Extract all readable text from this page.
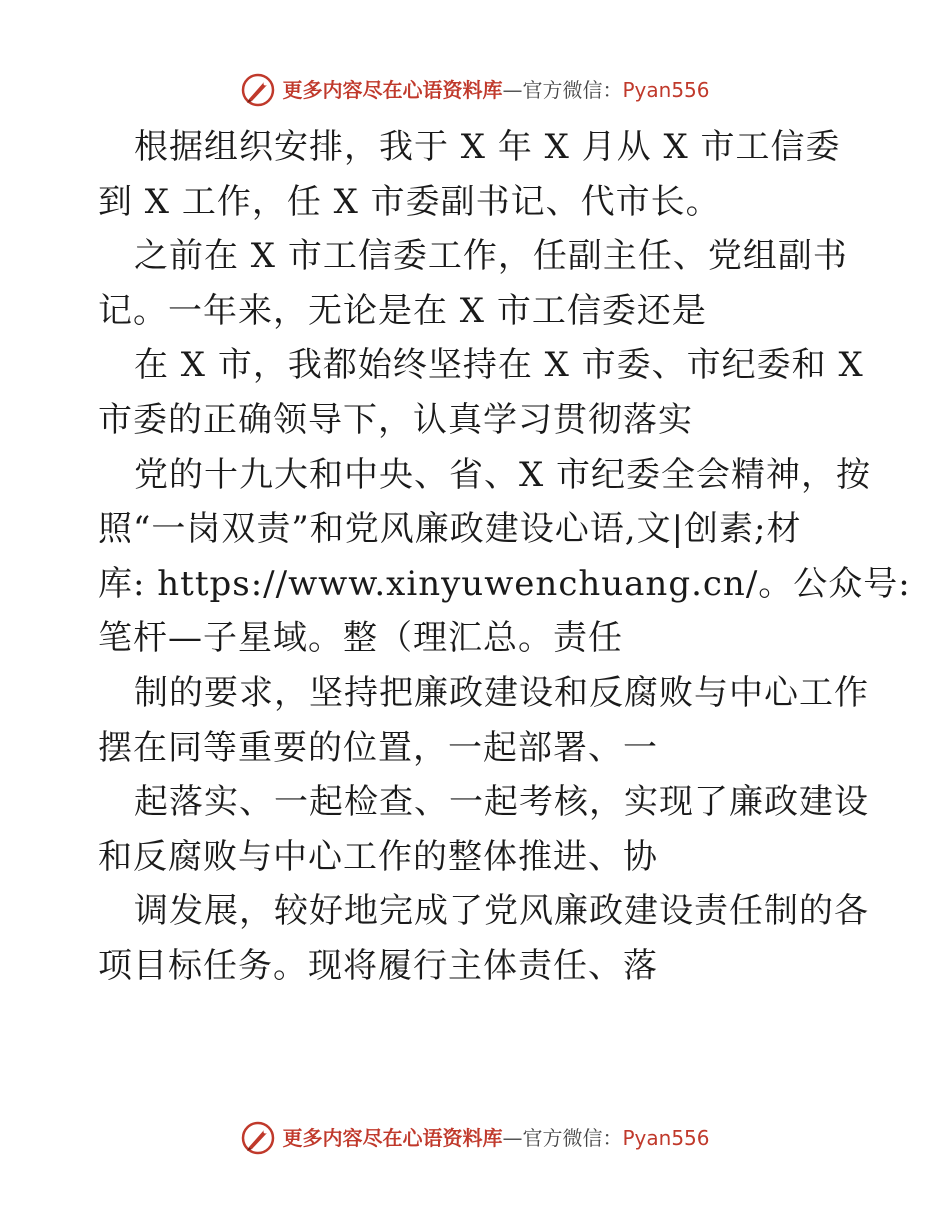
更多内容尽在心语资料库—官方微信：Pyan556
根据组织安排，我于 X 年 X 月从 X 市工信委
到 X 工作，任 X 市委副书记、代市长。
之前在 X 市工信委工作，任副主任、党组副书
记。一年来，无论是在 X 市工信委还是
在 X 市，我都始终坚持在 X 市委、市纪委和 X
市委的正确领导下，认真学习贯彻落实
党的十九大和中央、省、X 市纪委全会精神，按
照“一岗双责”和党风廉政建设心语,文|创素;材
库: https://www.xinyuwenchuang.cn/。公众号:
笔杆—子星域。整（理汇总。责任
制的要求，坚持把廉政建设和反腐败与中心工作
摆在同等重要的位置，一起部署、一
起落实、一起检查、一起考核，实现了廉政建设
和反腐败与中心工作的整体推进、协
调发展，较好地完成了党风廉政建设责任制的各
项目标任务。现将履行主体责任、落
更多内容尽在心语资料库—官方微信：Pyan556
